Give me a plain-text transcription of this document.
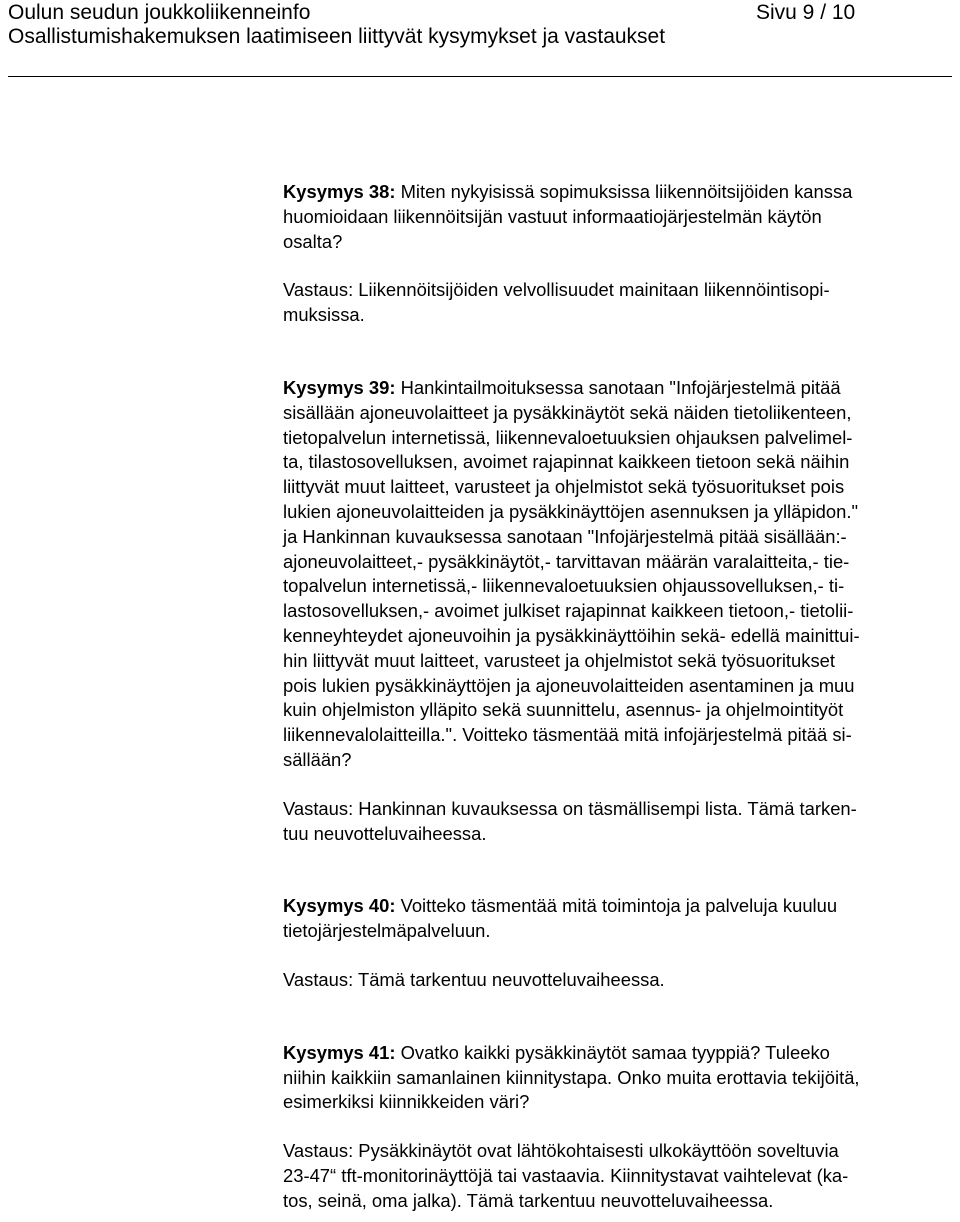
Oulun seudun joukkoliikenneinfo	Sivu 9 / 10
Osallistumishakemuksen laatimiseen liittyvät kysymykset ja vastaukset
Kysymys 38: Miten nykyisissä sopimuksissa liikennöitsijöiden kanssa
huomioidaan liikennöitsijän vastuut informaatiojärjestelmän käytön
osalta?
Vastaus: Liikennöitsijöiden velvollisuudet mainitaan liikennöintisopi-
muksissa.
Kysymys 39: Hankintailmoituksessa sanotaan "Infojärjestelmä pitää
sisällään ajoneuvolaitteet ja pysäkkinäytöt sekä näiden tietoliikenteen,
tietopalvelun internetissä, liikennevaloetuuksien ohjauksen palvelimel-
ta, tilastosovelluksen, avoimet rajapinnat kaikkeen tietoon sekä näihin
liittyvät muut laitteet, varusteet ja ohjelmistot sekä työsuoritukset pois
lukien ajoneuvolaitteiden ja pysäkkinäyttöjen asennuksen ja ylläpidon."
ja Hankinnan kuvauksessa sanotaan "Infojärjestelmä pitää sisällään:-
ajoneuvolaitteet,- pysäkkinäytöt,- tarvittavan määrän varalaitteita,- tie-
topalvelun internetissä,- liikennevaloetuuksien ohjaussovelluksen,- ti-
lastosovelluksen,- avoimet julkiset rajapinnat kaikkeen tietoon,- tietolii-
kenneyhteydet ajoneuvoihin ja pysäkkinäyttöihin sekä- edellä mainittui-
hin liittyvät muut laitteet, varusteet ja ohjelmistot sekä työsuoritukset
pois lukien pysäkkinäyttöjen ja ajoneuvolaitteiden asentaminen ja muu
kuin ohjelmiston ylläpito sekä suunnittelu, asennus- ja ohjelmointityöt
liikennevalolaitteilla.". Voitteko täsmentää mitä infojärjestelmä pitää si-
sällään?
Vastaus: Hankinnan kuvauksessa on täsmällisempi lista. Tämä tarken-
tuu neuvotteluvaiheessa.
Kysymys 40: Voitteko täsmentää mitä toimintoja ja palveluja kuuluu
tietojärjestelmäpalveluun.
Vastaus: Tämä tarkentuu neuvotteluvaiheessa.
Kysymys 41: Ovatko kaikki pysäkkinäytöt samaa tyyppiä? Tuleeko
niihin kaikkiin samanlainen kiinnitystapa. Onko muita erottavia tekijöitä,
esimerkiksi kiinnikkeiden väri?
Vastaus: Pysäkkinäytöt ovat lähtökohtaisesti ulkokäyttöön soveltuvia
23-47“ tft-monitorinäyttöjä tai vastaavia. Kiinnitystavat vaihtelevat (ka-
tos, seinä, oma jalka). Tämä tarkentuu neuvotteluvaiheessa.
